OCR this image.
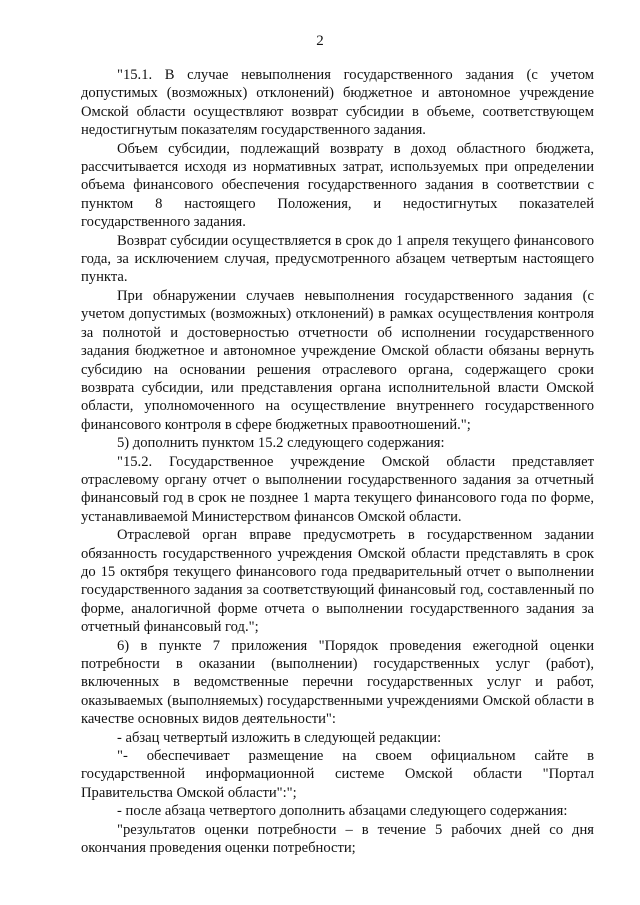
2

"15.1. В случае невыполнения государственного задания (с учетом допустимых (возможных) отклонений) бюджетное и автономное учреждение Омской области осуществляют возврат субсидии в объеме, соответствующем недостигнутым показателям государственного задания.

Объем субсидии, подлежащий возврату в доход областного бюджета, рассчитывается исходя из нормативных затрат, используемых при определении объема финансового обеспечения государственного задания в соответствии с пунктом 8 настоящего Положения, и недостигнутых показателей государственного задания.

Возврат субсидии осуществляется в срок до 1 апреля текущего финансового года, за исключением случая, предусмотренного абзацем четвертым настоящего пункта.

При обнаружении случаев невыполнения государственного задания (с учетом допустимых (возможных) отклонений) в рамках осуществления контроля за полнотой и достоверностью отчетности об исполнении государственного задания бюджетное и автономное учреждение Омской области обязаны вернуть субсидию на основании решения отраслевого органа, содержащего сроки возврата субсидии, или представления органа исполнительной власти Омской области, уполномоченного на осуществление внутреннего государственного финансового контроля в сфере бюджетных правоотношений.";

5) дополнить пунктом 15.2 следующего содержания:

"15.2. Государственное учреждение Омской области представляет отраслевому органу отчет о выполнении государственного задания за отчетный финансовый год в срок не позднее 1 марта текущего финансового года по форме, устанавливаемой Министерством финансов Омской области.

Отраслевой орган вправе предусмотреть в государственном задании обязанность государственного учреждения Омской области представлять в срок до 15 октября текущего финансового года предварительный отчет о выполнении государственного задания за соответствующий финансовый год, составленный по форме, аналогичной форме отчета о выполнении государственного задания за отчетный финансовый год.";

6) в пункте 7 приложения "Порядок проведения ежегодной оценки потребности в оказании (выполнении) государственных услуг (работ), включенных в ведомственные перечни государственных услуг и работ, оказываемых (выполняемых) государственными учреждениями Омской области в качестве основных видов деятельности":

- абзац четвертый изложить в следующей редакции:

"- обеспечивает размещение на своем официальном сайте в государственной информационной системе Омской области "Портал Правительства Омской области":";

- после абзаца четвертого дополнить абзацами следующего содержания:

"результатов оценки потребности – в течение 5 рабочих дней со дня окончания проведения оценки потребности;
